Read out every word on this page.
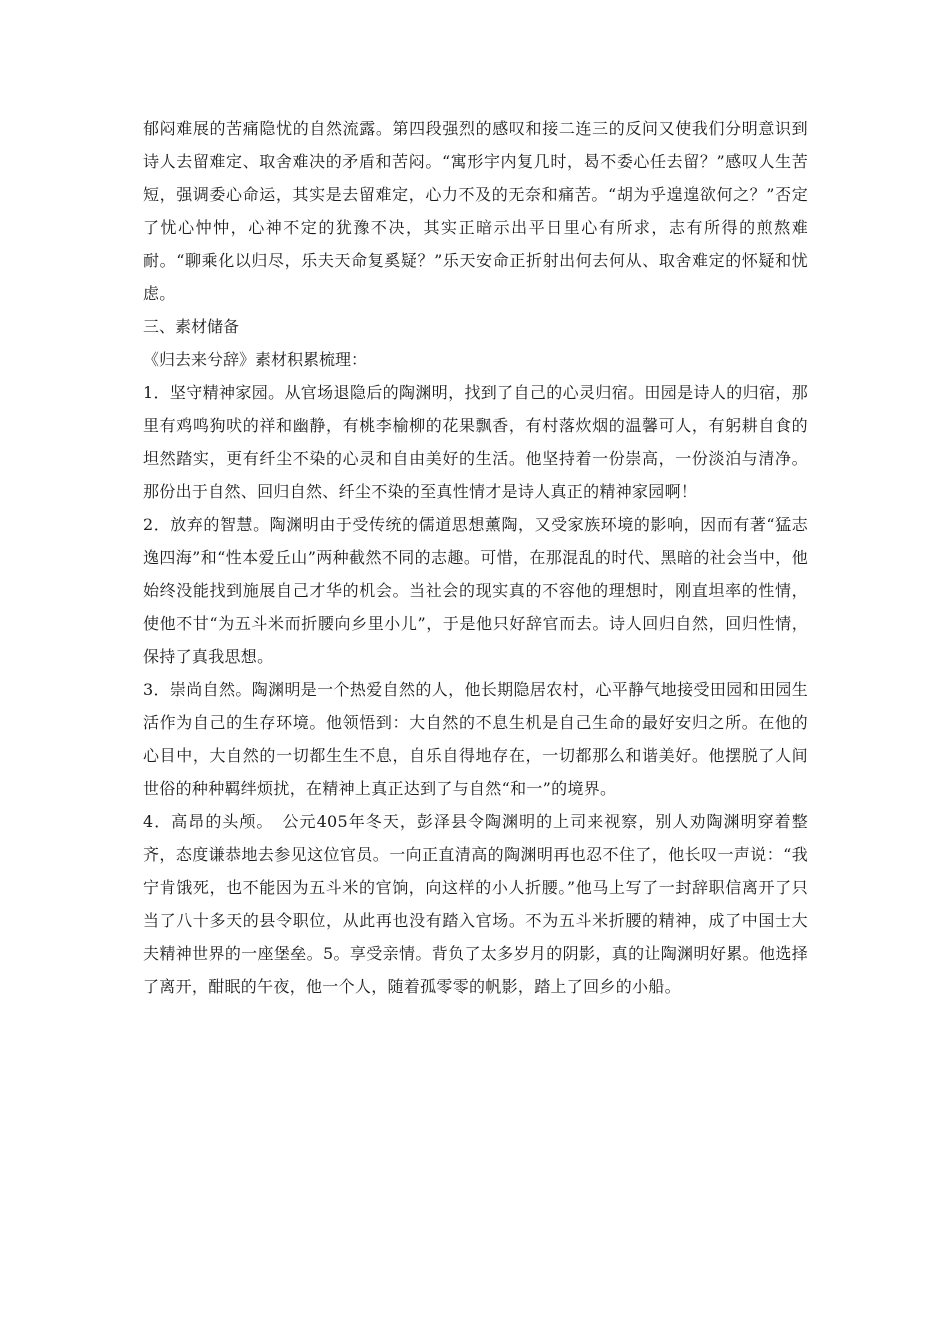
郁闷难展的苦痛隐忧的自然流露。第四段强烈的感叹和接二连三的反问又使我们分明意识到诗人去留难定、取舍难决的矛盾和苦闷。“寓形宇内复几时，曷不委心任去留？”感叹人生苦短，强调委心命运，其实是去留难定，心力不及的无奈和痛苦。“胡为乎遑遑欲何之？”否定了忧心忡忡，心神不定的犹豫不决，其实正暗示出平日里心有所求，志有所得的煎熬难耐。“聊乘化以归尽，乐夫天命复奚疑？”乐天安命正折射出何去何从、取舍难定的怀疑和忧虑。

三、素材储备

《归去来兮辞》素材积累梳理：

1．坚守精神家园。从官场退隐后的陶渊明，找到了自己的心灵归宿。田园是诗人的归宿，那里有鸡鸣狗吠的祥和幽静，有桃李榆柳的花果飘香，有村落炊烟的温馨可人，有躬耕自食的坦然踏实，更有纤尘不染的心灵和自由美好的生活。他坚持着一份崇高，一份淡泊与清净。那份出于自然、回归自然、纤尘不染的至真性情才是诗人真正的精神家园啊！

2．放弃的智慧。陶渊明由于受传统的儒道思想薰陶，又受家族环境的影响，因而有著“猛志逸四海”和“性本爱丘山”两种截然不同的志趣。可惜，在那混乱的时代、黑暗的社会当中，他始终没能找到施展自己才华的机会。当社会的现实真的不容他的理想时，刚直坦率的性情，使他不甘“为五斗米而折腰向乡里小儿”，于是他只好辞官而去。诗人回归自然，回归性情，保持了真我思想。

3．崇尚自然。陶渊明是一个热爱自然的人，他长期隐居农村，心平静气地接受田园和田园生活作为自己的生存环境。他领悟到：大自然的不息生机是自己生命的最好安归之所。在他的心目中，大自然的一切都生生不息，自乐自得地存在，一切都那么和谐美好。他摆脱了人间世俗的种种羁绊烦扰，在精神上真正达到了与自然“和一”的境界。

4．高昂的头颅。　公元405年冬天，彭泽县令陶渊明的上司来视察，别人劝陶渊明穿着整齐，态度谦恭地去参见这位官员。一向正直清高的陶渊明再也忍不住了，他长叹一声说：“我宁肯饿死，也不能因为五斗米的官饷，向这样的小人折腰。”他马上写了一封辞职信离开了只当了八十多天的县令职位，从此再也没有踏入官场。不为五斗米折腰的精神，成了中国士大夫精神世界的一座堡垒。5。享受亲情。背负了太多岁月的阴影，真的让陶渊明好累。他选择了离开，酣眠的午夜，他一个人，随着孤零零的帆影，踏上了回乡的小船。
